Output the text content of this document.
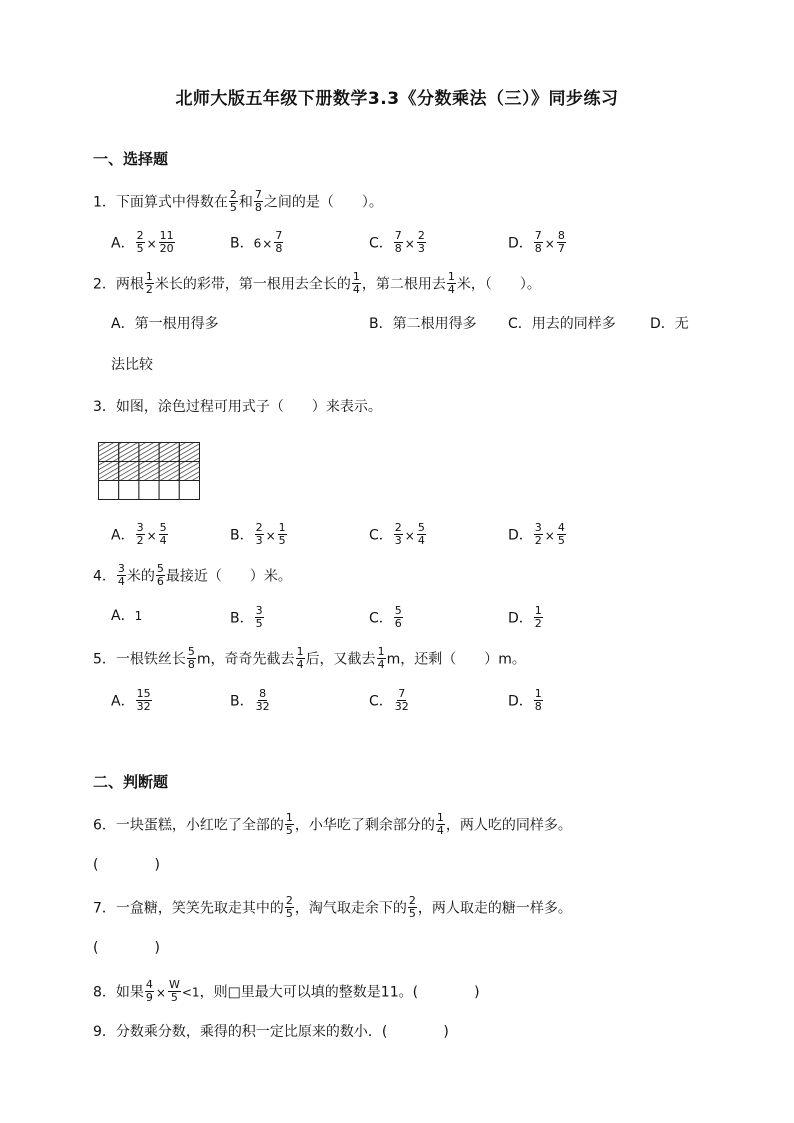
北师大版五年级下册数学3.3《分数乘法（三）》同步练习
一、选择题
1．下面算式中得数在 $\frac{2}{5}$ 和 $\frac{7}{8}$ 之间的是（　　）。
A． $\frac{2}{5} \times \frac{11}{20}$	B．$6\times \frac{7}{8}$	C． $\frac{7}{8} \times \frac{2}{3}$	D． $\frac{7}{8} \times \frac{8}{7}$
2．两根 $\frac{1}{2}$ 米长的彩带，第一根用去全长的 $\frac{1}{4}$ ，第二根用去 $\frac{1}{4}$ 米，（　　）。
A．第一根用得多	B．第二根用得多 C．用去的同样多 D．无
法比较
3．如图，涂色过程可用式子（　　）来表示。
A． $\frac{3}{2} \times \frac{5}{4}$	B． $\frac{2}{3} \times \frac{1}{5}$	C． $\frac{2}{3} \times \frac{5}{4}$	D． $\frac{3}{2} \times \frac{4}{5}$
4． $\frac{3}{4}$ 米的 $\frac{5}{6}$ 最接近（　　）米。
A．1	B． $\frac{3}{5}$	C． $\frac{5}{6}$	D． $\frac{1}{2}$
5．一根铁丝长 $\frac{5}{8}$ m，奇奇先截去 $\frac{1}{4}$ 后，又截去 $\frac{1}{4}$ m，还剩（　　）m。
A． $\frac{15}{32}$	B． $\frac{8}{32}$	C． $\frac{7}{32}$	D． $\frac{1}{8}$
二、判断题
6．一块蛋糕，小红吃了全部的 $\frac{1}{5}$ ，小华吃了剩余部分的 $\frac{1}{4}$ ，两人吃的同样多。
(　　　　)
7．一盒糖，笑笑先取走其中的 $\frac{2}{5}$ ，淘气取走余下的 $\frac{2}{5}$ ，两人取走的糖一样多。
(　　　　)
8．如果 $\frac{4}{9} \times \frac{W}{5} <1$，则□里最大可以填的整数是11。(　　　　)
9．分数乘分数，乘得的积一定比原来的数小．(　　　　)
